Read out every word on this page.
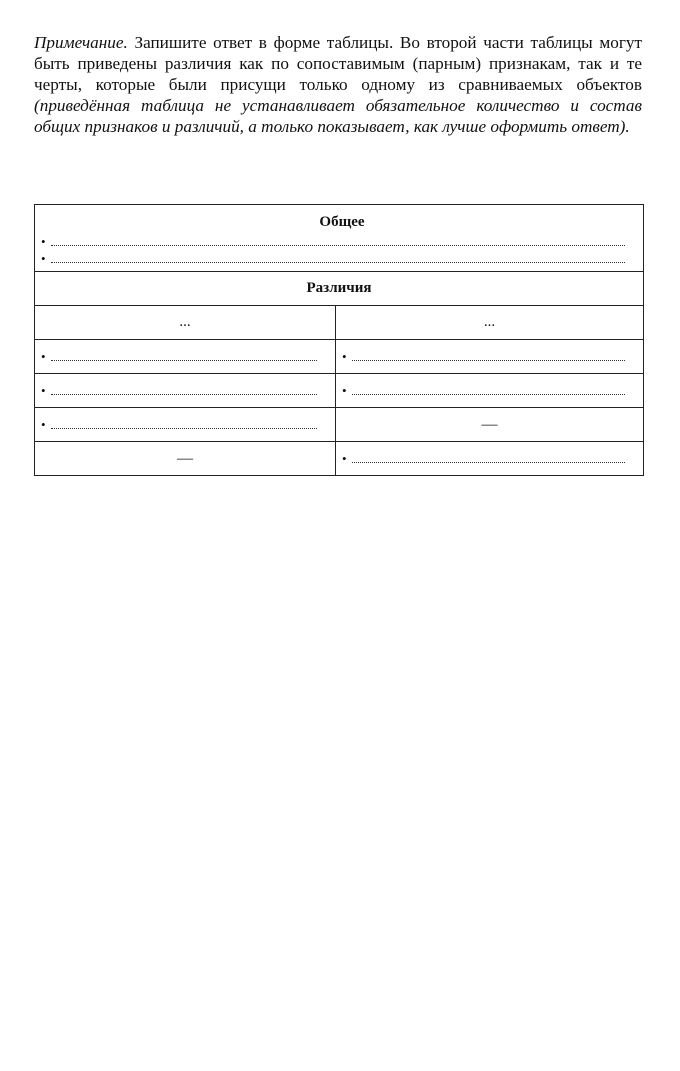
Примечание. Запишите ответ в форме таблицы. Во второй части таблицы могут быть приведены различия как по сопоставимым (парным) признакам, так и те черты, которые были присущи только одному из сравниваемых объектов (приведённая таблица не устанавливает обязательное количество и состав общих признаков и различий, а только показывает, как лучше оформить ответ).

Общее
•
•	

Различия	
...	...

•	•

•	•

•	—
—	•
